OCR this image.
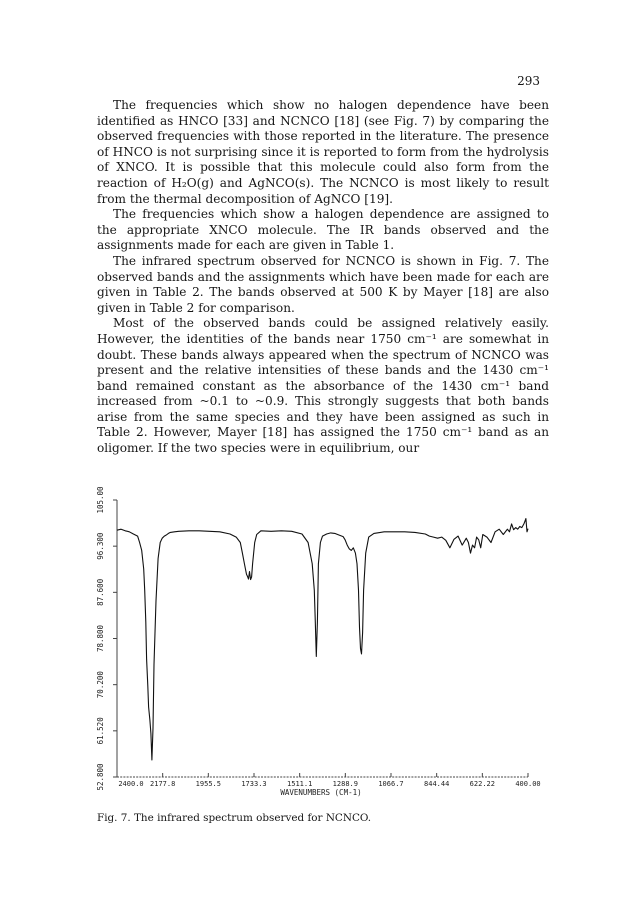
293

The frequencies which show no halogen dependence have been identified as HNCO [33] and NCNCO [18] (see Fig. 7) by comparing the observed frequencies with those reported in the literature. The presence of HNCO is not surprising since it is reported to form from the hydrolysis of XNCO. It is possible that this molecule could also form from the reaction of H₂O(g) and AgNCO(s). The NCNCO is most likely to result from the thermal decomposition of AgNCO [19].

The frequencies which show a halogen dependence are assigned to the appropriate XNCO molecule. The IR bands observed and the assignments made for each are given in Table 1.

The infrared spectrum observed for NCNCO is shown in Fig. 7. The observed bands and the assignments which have been made for each are given in Table 2. The bands observed at 500 K by Mayer [18] are also given in Table 2 for comparison.

Most of the observed bands could be assigned relatively easily. However, the identities of the bands near 1750 cm⁻¹ are somewhat in doubt. These bands always appeared when the spectrum of NCNCO was present and the relative intensities of these bands and the 1430 cm⁻¹ band remained constant as the absorbance of the 1430 cm⁻¹ band increased from ~0.1 to ~0.9. This strongly suggests that both bands arise from the same species and they have been assigned as such in Table 2. However, Mayer [18] has assigned the 1750 cm⁻¹ band as an oligomer. If the two species were in equilibrium, our

52.800
61.520
70.200
78.800
87.600
96.300
105.00
2400.0 2177.8	1955.5	1733.3	1511.1	1288.9	1066.7	844.44	622.22	400.00
WAVENUMBERS (CM-1)
Fig. 7. The infrared spectrum observed for NCNCO.
